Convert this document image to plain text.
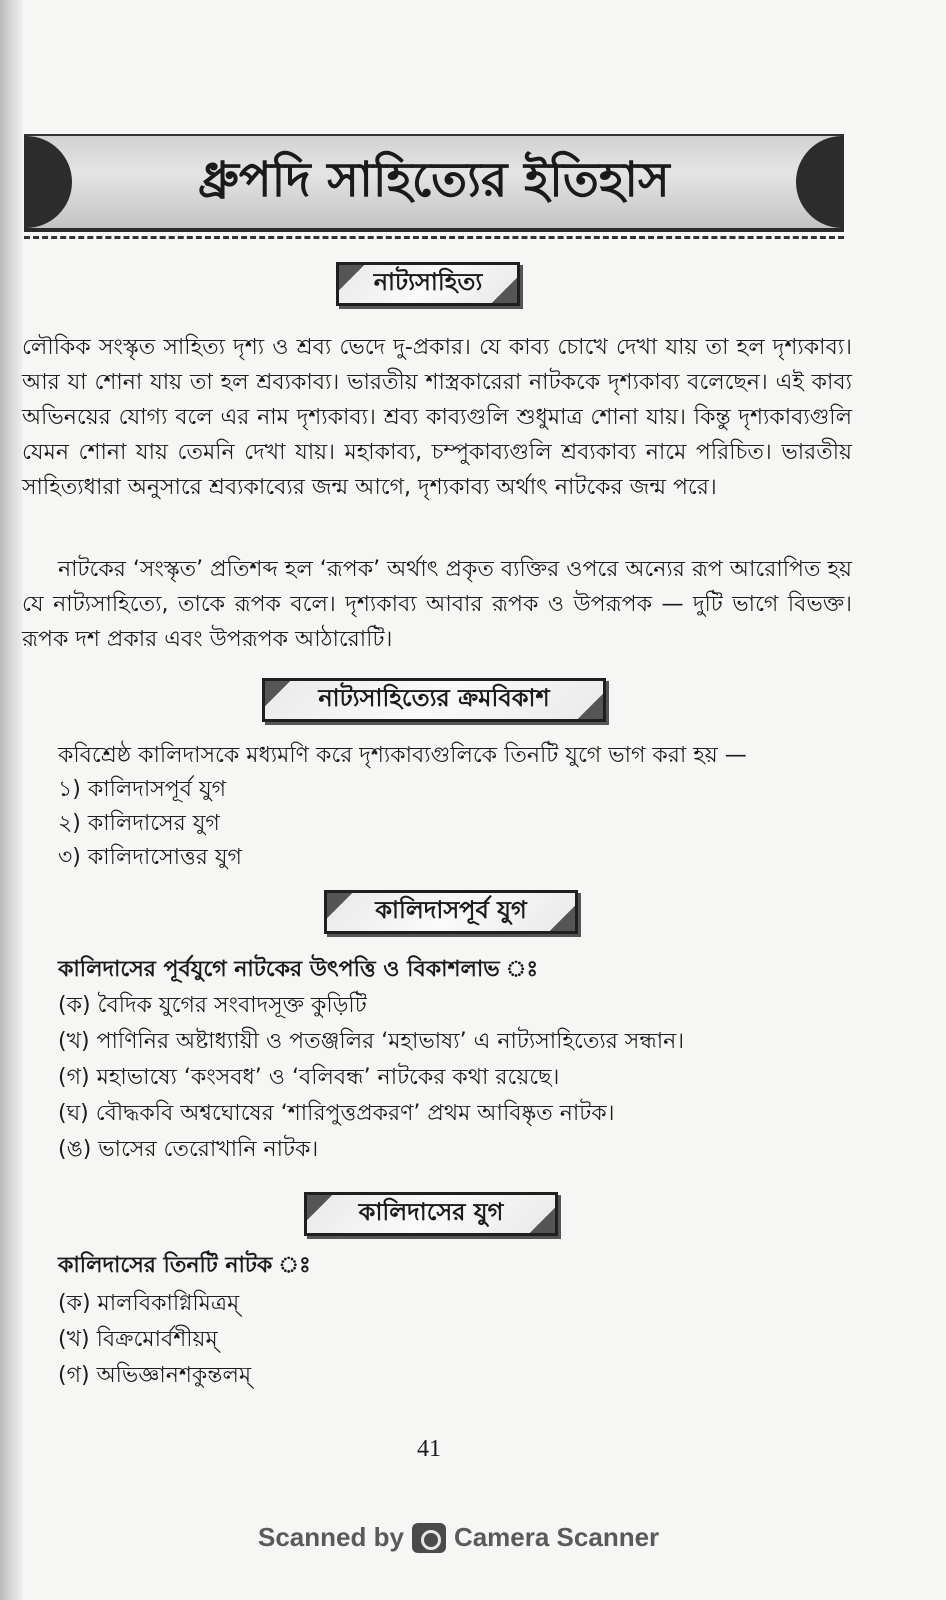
ধ্রুপদি সাহিত্যের ইতিহাস
নাট্যসাহিত্য
লৌকিক সংস্কৃত সাহিত্য দৃশ্য ও শ্রব্য ভেদে দু-প্রকার। যে কাব্য চোখে দেখা যায় তা হল দৃশ্যকাব্য। আর যা শোনা যায় তা হল শ্রব্যকাব্য। ভারতীয় শাস্ত্রকারেরা নাটককে দৃশ্যকাব্য বলেছেন। এই কাব্য অভিনয়ের যোগ্য বলে এর নাম দৃশ্যকাব্য। শ্রব্য কাব্যগুলি শুধুমাত্র শোনা যায়। কিন্তু দৃশ্যকাব্যগুলি যেমন শোনা যায় তেমনি দেখা যায়। মহাকাব্য, চম্পুকাব্যগুলি শ্রব্যকাব্য নামে পরিচিত। ভারতীয় সাহিত্যধারা অনুসারে শ্রব্যকাব্যের জন্ম আগে, দৃশ্যকাব্য অর্থাৎ নাটকের জন্ম পরে।
নাটকের ‘সংস্কৃত’ প্রতিশব্দ হল ‘রূপক’ অর্থাৎ প্রকৃত ব্যক্তির ওপরে অন্যের রূপ আরোপিত হয় যে নাট্যসাহিত্যে, তাকে রূপক বলে। দৃশ্যকাব্য আবার রূপক ও উপরূপক — দুটি ভাগে বিভক্ত। রূপক দশ প্রকার এবং উপরূপক আঠারোটি।
নাট্যসাহিত্যের ক্রমবিকাশ
কবিশ্রেষ্ঠ কালিদাসকে মধ্যমণি করে দৃশ্যকাব্যগুলিকে তিনটি যুগে ভাগ করা হয় —
১) কালিদাসপূর্ব যুগ
২) কালিদাসের যুগ
৩) কালিদাসোত্তর যুগ
কালিদাসপূর্ব যুগ
কালিদাসের পূর্বযুগে নাটকের উৎপত্তি ও বিকাশলাভ ঃ
(ক) বৈদিক যুগের সংবাদসূক্ত কুড়িটি
(খ) পাণিনির অষ্টাধ্যায়ী ও পতঞ্জলির ‘মহাভাষ্য’ এ নাট্যসাহিত্যের সন্ধান।
(গ) মহাভাষ্যে ‘কংসবধ’ ও ‘বলিবন্ধ’ নাটকের কথা রয়েছে।
(ঘ) বৌদ্ধকবি অশ্বঘোষের ‘শারিপুত্তপ্রকরণ’ প্রথম আবিষ্কৃত নাটক।
(ঙ) ভাসের তেরোখানি নাটক।
কালিদাসের যুগ
কালিদাসের তিনটি নাটক ঃ
(ক) মালবিকাগ্নিমিত্রম্
(খ) বিক্রমোর্বশীয়ম্
(গ) অভিজ্ঞানশকুন্তলম্
41
Scanned by Camera Scanner
